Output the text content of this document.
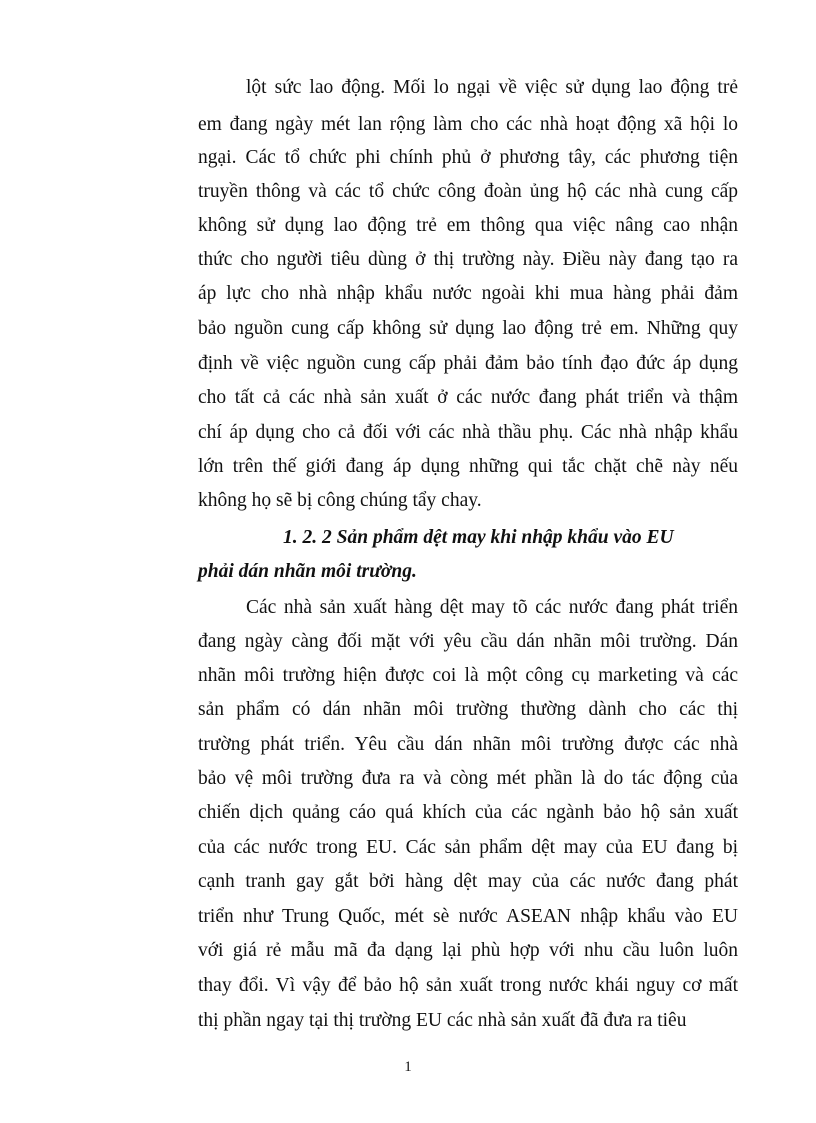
lột sức lao động. Mối lo ngại về việc sử dụng lao động trẻ
em đang ngày mét lan rộng làm cho các nhà hoạt động xã hội lo
ngại. Các tổ chức phi chính phủ ở phương tây, các phương tiện
truyền thông và các tổ chức công đoàn ủng hộ các nhà cung cấp
không sử dụng lao động trẻ em thông qua việc nâng cao nhận
thức cho người tiêu dùng ở thị trường này. Điều này đang tạo ra
áp lực cho nhà nhập khẩu nước ngoài khi mua hàng phải đảm
bảo nguồn cung cấp không sử dụng lao động trẻ em. Những quy
định về việc nguồn cung cấp phải đảm bảo tính đạo đức áp dụng
cho tất cả các nhà sản xuất ở các nước đang phát triển và thậm
chí áp dụng cho cả đối với các nhà thầu phụ. Các nhà nhập khẩu
lớn trên thế giới đang áp dụng những qui tắc chặt chẽ này nếu
không họ sẽ bị công chúng tẩy chay.
1. 2. 2 Sản phẩm dệt may khi nhập khẩu vào EU
phải dán nhãn môi trường.
Các nhà sản xuất hàng dệt may tõ các nước đang phát triển
đang ngày càng đối mặt với yêu cầu dán nhãn môi trường. Dán
nhãn môi trường hiện được coi là một công cụ marketing và các
sản phẩm có dán nhãn môi trường thường dành cho các thị
trường phát triển. Yêu cầu dán nhãn môi trường được các nhà
bảo vệ môi trường đưa ra và còng mét phần là do tác động của
chiến dịch quảng cáo quá khích của các ngành bảo hộ sản xuất
của các nước trong EU. Các sản phẩm dệt may của EU đang bị
cạnh tranh gay gắt bởi hàng dệt may của các nước đang phát
triển như Trung Quốc, mét sè nước ASEAN nhập khẩu vào EU
với giá rẻ mẫu mã đa dạng lại phù hợp với nhu cầu luôn luôn
thay đổi. Vì vậy để bảo hộ sản xuất trong nước khái nguy cơ mất
thị phần ngay tại thị trường EU các nhà sản xuất đã đưa ra tiêu
1
